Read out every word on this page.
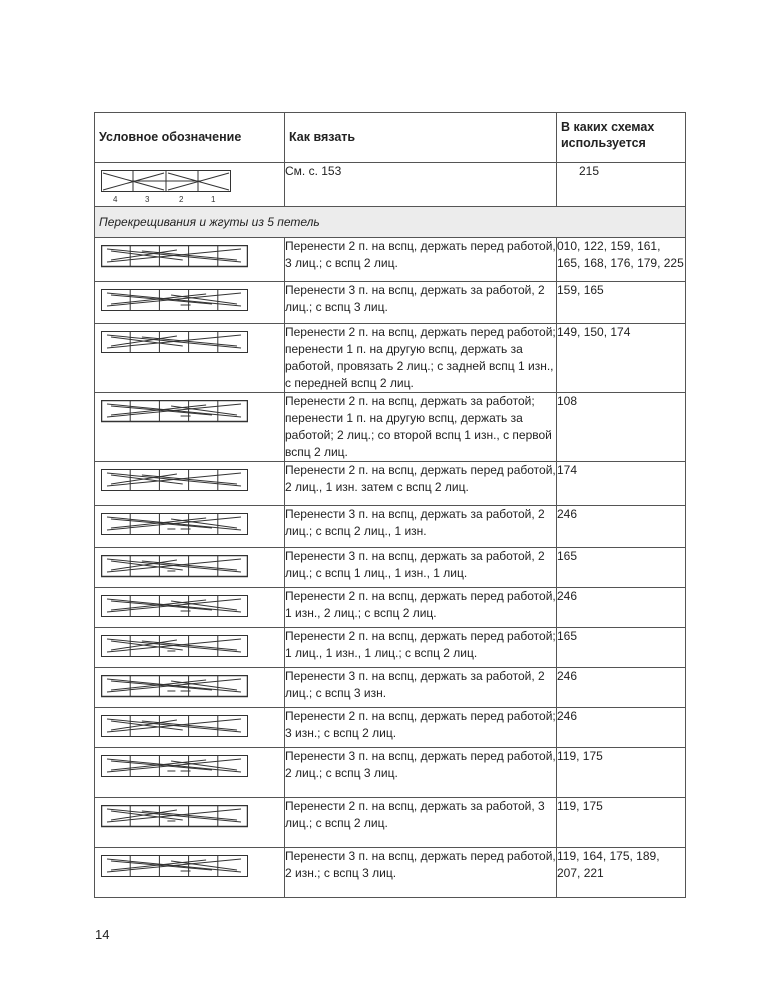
Условное обозначение	Как вязать	В каких схемах используется

4 3 2 1	См. с. 153	215
Перекрещивания и жгуты из 5 петель		

	Перенести 2 п. на вспц, держать перед работой, 3 лиц.; с вспц 2 лиц.	010, 122, 159, 161, 165, 168, 176, 179, 225

	Перенести 3 п. на вспц, держать за работой, 2 лиц.; с вспц 3 лиц.	159, 165

	Перенести 2 п. на вспц, держать перед работой; перенести 1 п. на другую вспц, держать за работой, провязать 2 лиц.; с задней вспц 1 изн., с передней вспц 2 лиц.	149, 150, 174

	Перенести 2 п. на вспц, держать за работой; перенести 1 п. на другую вспц, держать за работой; 2 лиц.; со второй вспц 1 изн., с первой вспц 2 лиц.	108

	Перенести 2 п. на вспц, держать перед работой, 2 лиц., 1 изн. затем с вспц 2 лиц.	174

	Перенести 3 п. на вспц, держать за работой, 2 лиц.; с вспц 2 лиц., 1 изн.	246

	Перенести 3 п. на вспц, держать за работой, 2 лиц.; с вспц 1 лиц., 1 изн., 1 лиц.	165

	Перенести 2 п. на вспц, держать перед работой, 1 изн., 2 лиц.; с вспц 2 лиц.	246

	Перенести 2 п. на вспц, держать перед работой; 1 лиц., 1 изн., 1 лиц.; с вспц 2 лиц.	165

	Перенести 3 п. на вспц, держать за работой, 2 лиц.; с вспц 3 изн.	246

	Перенести 2 п. на вспц, держать перед работой; 3 изн.; с вспц 2 лиц.	246

	Перенести 3 п. на вспц, держать перед работой, 2 лиц.; с вспц 3 лиц.	119, 175

	Перенести 2 п. на вспц, держать за работой, 3 лиц.; с вспц 2 лиц.	119, 175

	Перенести 3 п. на вспц, держать перед работой, 2 изн.; с вспц 3 лиц.	119, 164, 175, 189, 207, 221
14
